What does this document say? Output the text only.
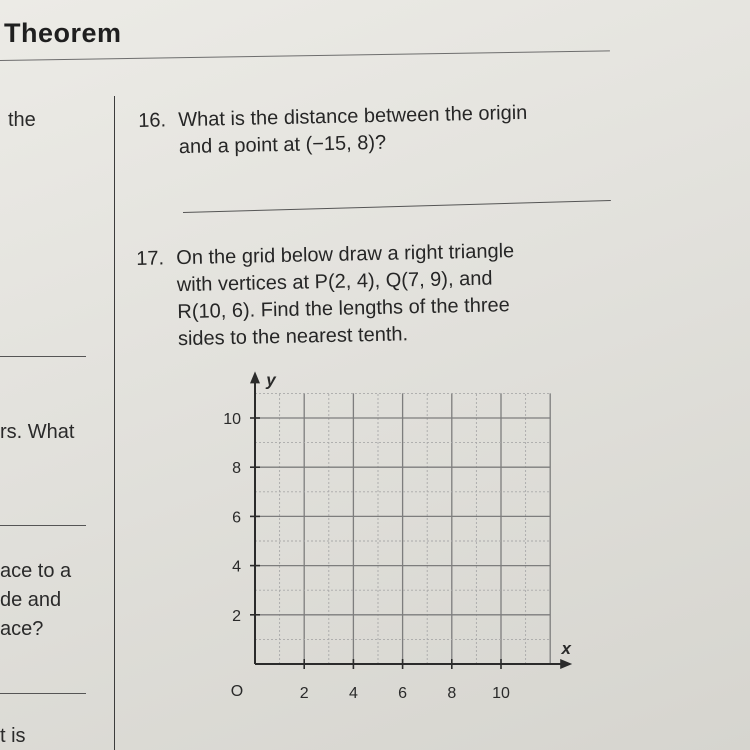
Theorem
the
rs. What
ace to a
de and
ace?
t is
16. What is the distance between the origin
and a point at (−15, 8)?
17. On the grid below draw a right triangle
with vertices at P(2, 4), Q(7, 9), and
R(10, 6). Find the lengths of the three
sides to the nearest tenth.
2	4	6	8 10
2
4
6
8
10
O
x
y
